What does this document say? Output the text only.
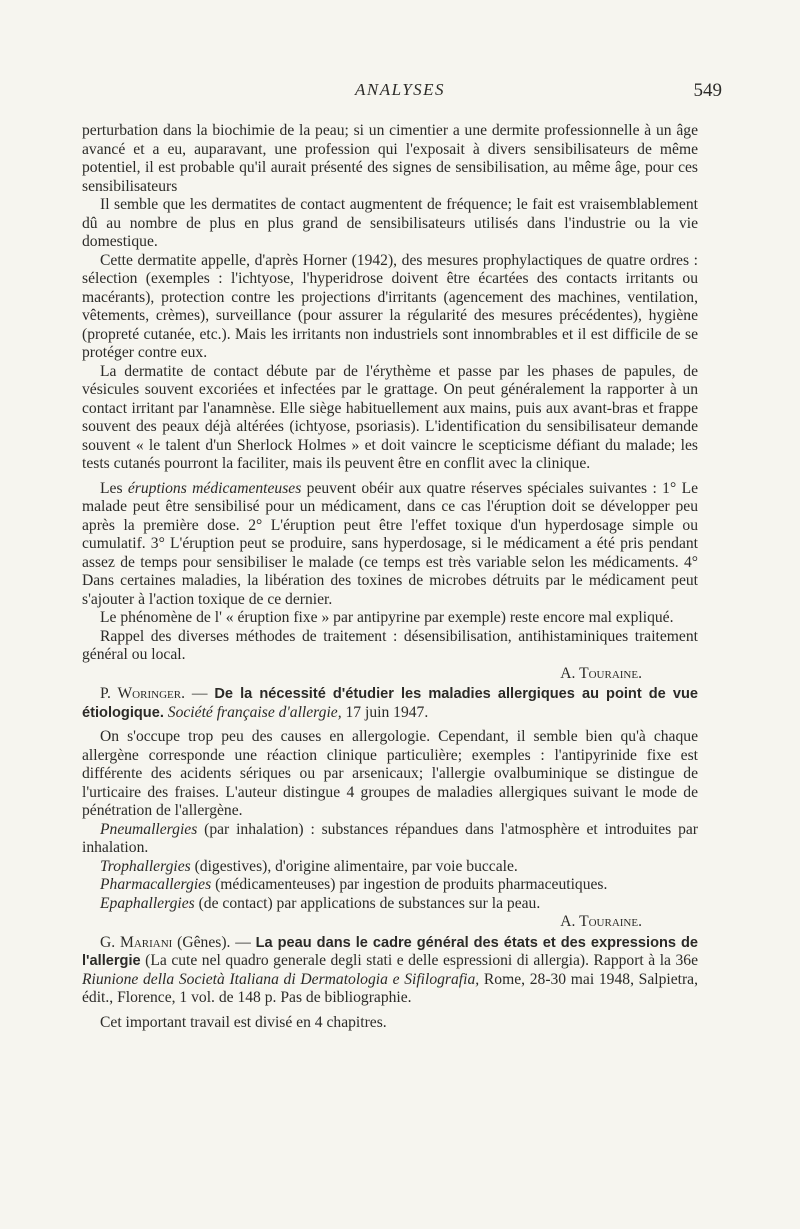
ANALYSES	549

perturbation dans la biochimie de la peau; si un cimentier a une dermite professionnelle à un âge avancé et a eu, auparavant, une profession qui l'exposait à divers sensibilisateurs de même potentiel, il est probable qu'il aurait présenté des signes de sensibilisation, au même âge, pour ces sensibilisateurs

Il semble que les dermatites de contact augmentent de fréquence; le fait est vraisemblablement dû au nombre de plus en plus grand de sensibilisateurs utilisés dans l'industrie ou la vie domestique.

Cette dermatite appelle, d'après Horner (1942), des mesures prophylactiques de quatre ordres : sélection (exemples : l'ichtyose, l'hyperidrose doivent être écartées des contacts irritants ou macérants), protection contre les projections d'irritants (agencement des machines, ventilation, vêtements, crèmes), surveillance (pour assurer la régularité des mesures précédentes), hygiène (propreté cutanée, etc.). Mais les irritants non industriels sont innombrables et il est difficile de se protéger contre eux.

La dermatite de contact débute par de l'érythème et passe par les phases de papules, de vésicules souvent excoriées et infectées par le grattage. On peut généralement la rapporter à un contact irritant par l'anamnèse. Elle siège habituellement aux mains, puis aux avant-bras et frappe souvent des peaux déjà altérées (ichtyose, psoriasis). L'identification du sensibilisateur demande souvent « le talent d'un Sherlock Holmes » et doit vaincre le scepticisme défiant du malade; les tests cutanés pourront la faciliter, mais ils peuvent être en conflit avec la clinique.

Les éruptions médicamenteuses peuvent obéir aux quatre réserves spéciales suivantes : 1° Le malade peut être sensibilisé pour un médicament, dans ce cas l'éruption doit se développer peu après la première dose. 2° L'éruption peut être l'effet toxique d'un hyperdosage simple ou cumulatif. 3° L'éruption peut se produire, sans hyperdosage, si le médicament a été pris pendant assez de temps pour sensibiliser le malade (ce temps est très variable selon les médicaments. 4° Dans certaines maladies, la libération des toxines de microbes détruits par le médicament peut s'ajouter à l'action toxique de ce dernier.

Le phénomène de l' « éruption fixe » par antipyrine par exemple) reste encore mal expliqué.

Rappel des diverses méthodes de traitement : désensibilisation, antihistaminiques traitement général ou local.

A. Touraine.

P. Woringer. — De la nécessité d'étudier les maladies allergiques au point de vue étiologique. Société française d'allergie, 17 juin 1947.

On s'occupe trop peu des causes en allergologie. Cependant, il semble bien qu'à chaque allergène corresponde une réaction clinique particulière; exemples : l'antipyrinide fixe est différente des acidents sériques ou par arsenicaux; l'allergie ovalbuminique se distingue de l'urticaire des fraises. L'auteur distingue 4 groupes de maladies allergiques suivant le mode de pénétration de l'allergène.

Pneumallergies (par inhalation) : substances répandues dans l'atmosphère et introduites par inhalation.

Trophallergies (digestives), d'origine alimentaire, par voie buccale.

Pharmacallergies (médicamenteuses) par ingestion de produits pharmaceutiques.

Epaphallergies (de contact) par applications de substances sur la peau.

A. Touraine.

G. Mariani (Gênes). — La peau dans le cadre général des états et des expressions de l'allergie (La cute nel quadro generale degli stati e delle espressioni di allergia). Rapport à la 36e Riunione della Società Italiana di Dermatologia e Sifilografia, Rome, 28-30 mai 1948, Salpietra, édit., Florence, 1 vol. de 148 p. Pas de bibliographie.

Cet important travail est divisé en 4 chapitres.
